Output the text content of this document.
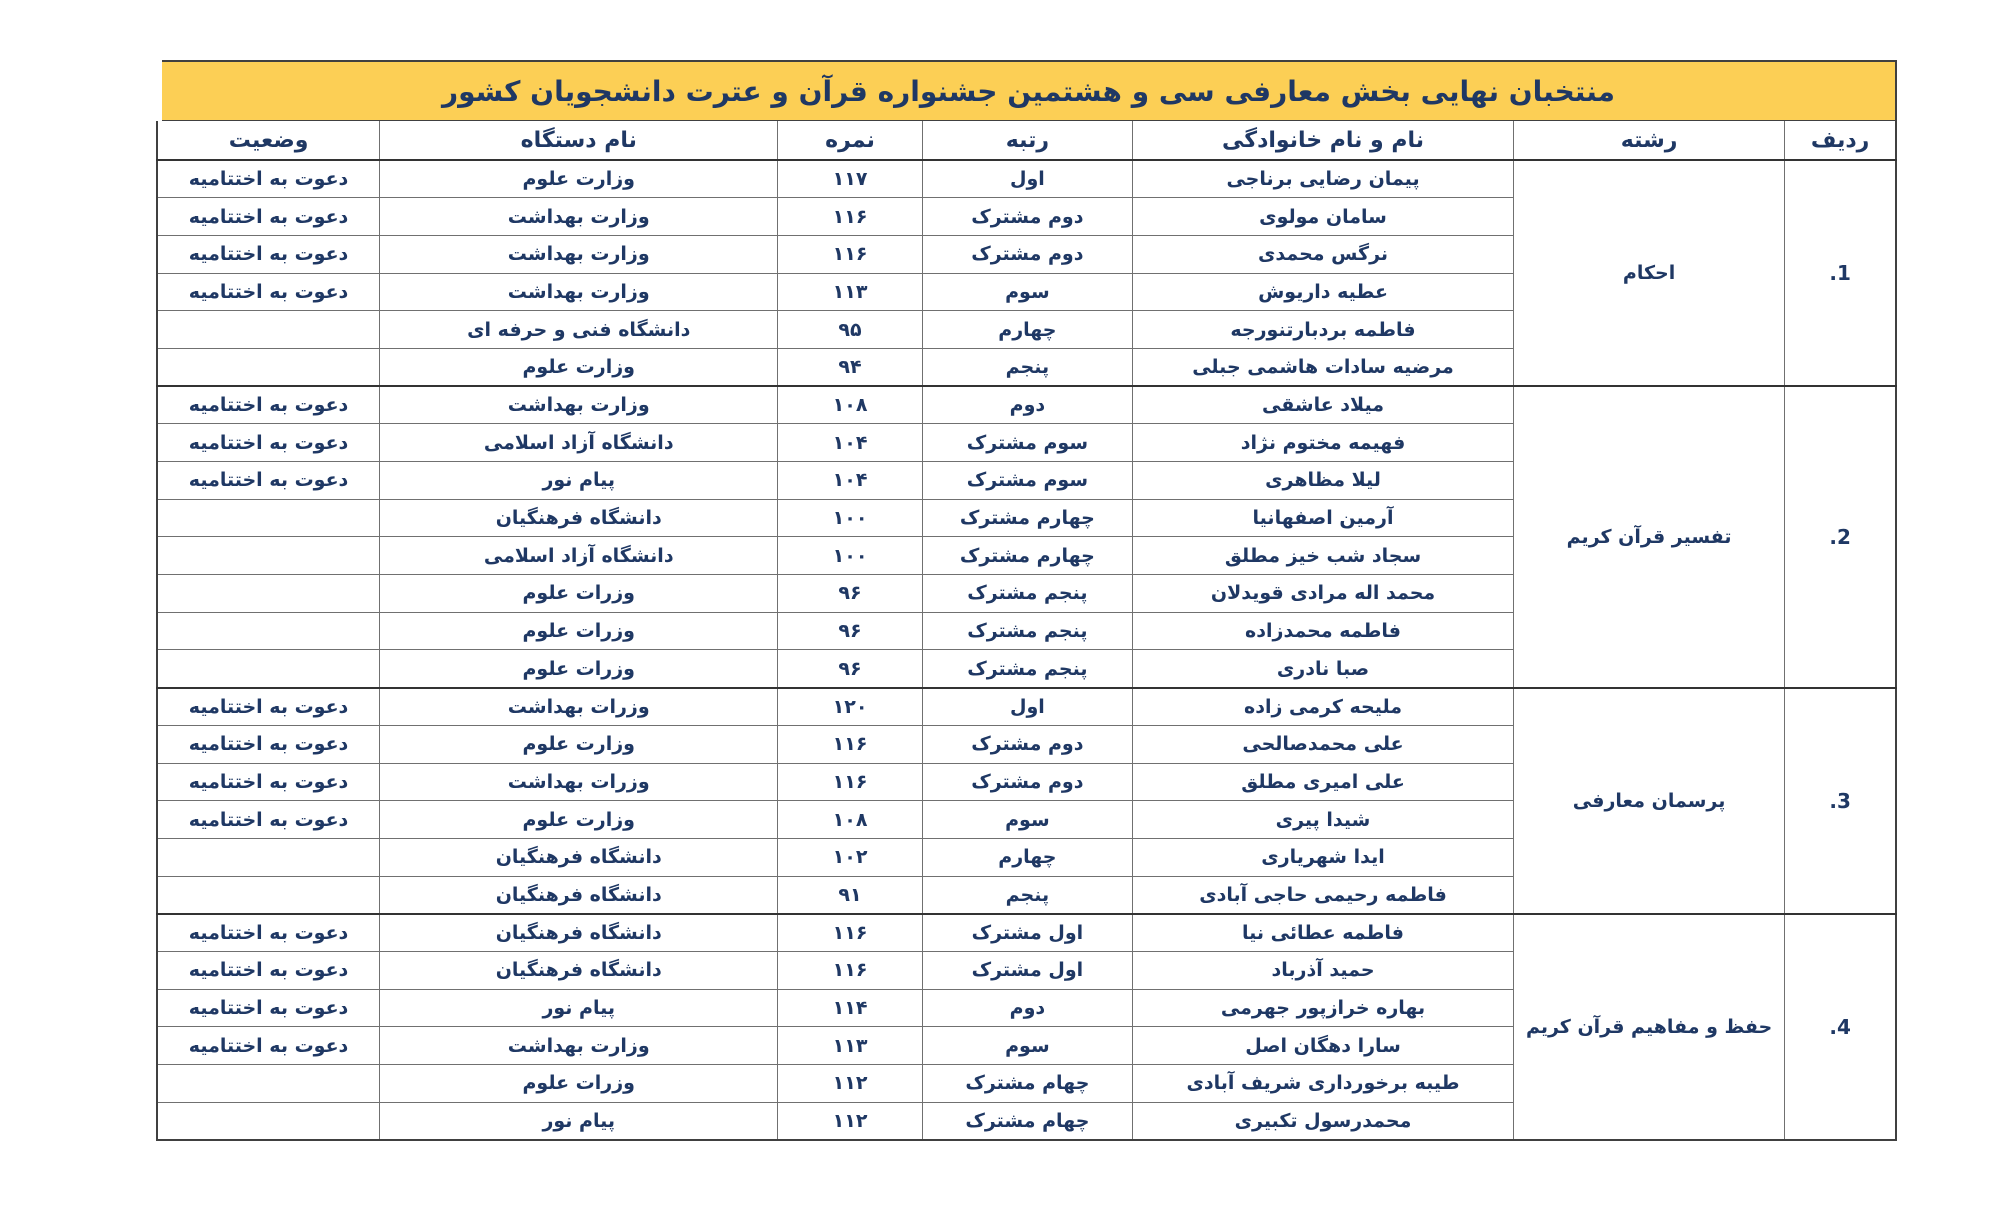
منتخبان نهایی بخش معارفی سی و هشتمین جشنواره قرآن و عترت دانشجویان کشور						
ردیف	رشته	نام و نام خانوادگی	رتبه	نمره	نام دستگاه	وضعیت
1.	احکام	پیمان رضایی برناجی	اول	۱۱۷	وزارت علوم	دعوت به اختتامیه
		سامان مولوی	دوم مشترک	۱۱۶	وزارت بهداشت	دعوت به اختتامیه
		نرگس محمدی	دوم مشترک	۱۱۶	وزارت بهداشت	دعوت به اختتامیه
		عطیه داریوش	سوم	۱۱۳	وزارت بهداشت	دعوت به اختتامیه
		فاطمه بردبارتنورجه	چهارم	۹۵	دانشگاه فنی و حرفه ای	
		مرضیه سادات هاشمی جبلی	پنجم	۹۴	وزارت علوم	
2.	تفسیر قرآن کریم	میلاد عاشقی	دوم	۱۰۸	وزارت بهداشت	دعوت به اختتامیه
		فهیمه مختوم نژاد	سوم مشترک	۱۰۴	دانشگاه آزاد اسلامی	دعوت به اختتامیه
		لیلا مظاهری	سوم مشترک	۱۰۴	پیام نور	دعوت به اختتامیه
		آرمین اصفهانیا	چهارم مشترک	۱۰۰	دانشگاه فرهنگیان	
		سجاد شب خیز مطلق	چهارم مشترک	۱۰۰	دانشگاه آزاد اسلامی	
		محمد اله مرادی قویدلان	پنجم مشترک	۹۶	وزرات علوم	
		فاطمه محمدزاده	پنجم مشترک	۹۶	وزرات علوم	
		صبا نادری	پنجم مشترک	۹۶	وزرات علوم	
3.	پرسمان معارفی	ملیحه کرمی زاده	اول	۱۲۰	وزرات بهداشت	دعوت به اختتامیه
		علی محمدصالحی	دوم مشترک	۱۱۶	وزارت علوم	دعوت به اختتامیه
		علی امیری مطلق	دوم مشترک	۱۱۶	وزرات بهداشت	دعوت به اختتامیه
		شیدا پیری	سوم	۱۰۸	وزارت علوم	دعوت به اختتامیه
		ایدا شهریاری	چهارم	۱۰۲	دانشگاه فرهنگیان	
		فاطمه رحیمی حاجی آبادی	پنجم	۹۱	دانشگاه فرهنگیان	
4.	حفظ و مفاهیم قرآن کریم	فاطمه عطائی نیا	اول مشترک	۱۱۶	دانشگاه فرهنگیان	دعوت به اختتامیه
		حمید آذرباد	اول مشترک	۱۱۶	دانشگاه فرهنگیان	دعوت به اختتامیه
		بهاره خرازپور جهرمی	دوم	۱۱۴	پیام نور	دعوت به اختتامیه
		سارا دهگان اصل	سوم	۱۱۳	وزارت بهداشت	دعوت به اختتامیه
		طیبه برخورداری شریف آبادی	چهام مشترک	۱۱۲	وزرات علوم	
		محمدرسول تکبیری	چهام مشترک	۱۱۲	پیام نور	
